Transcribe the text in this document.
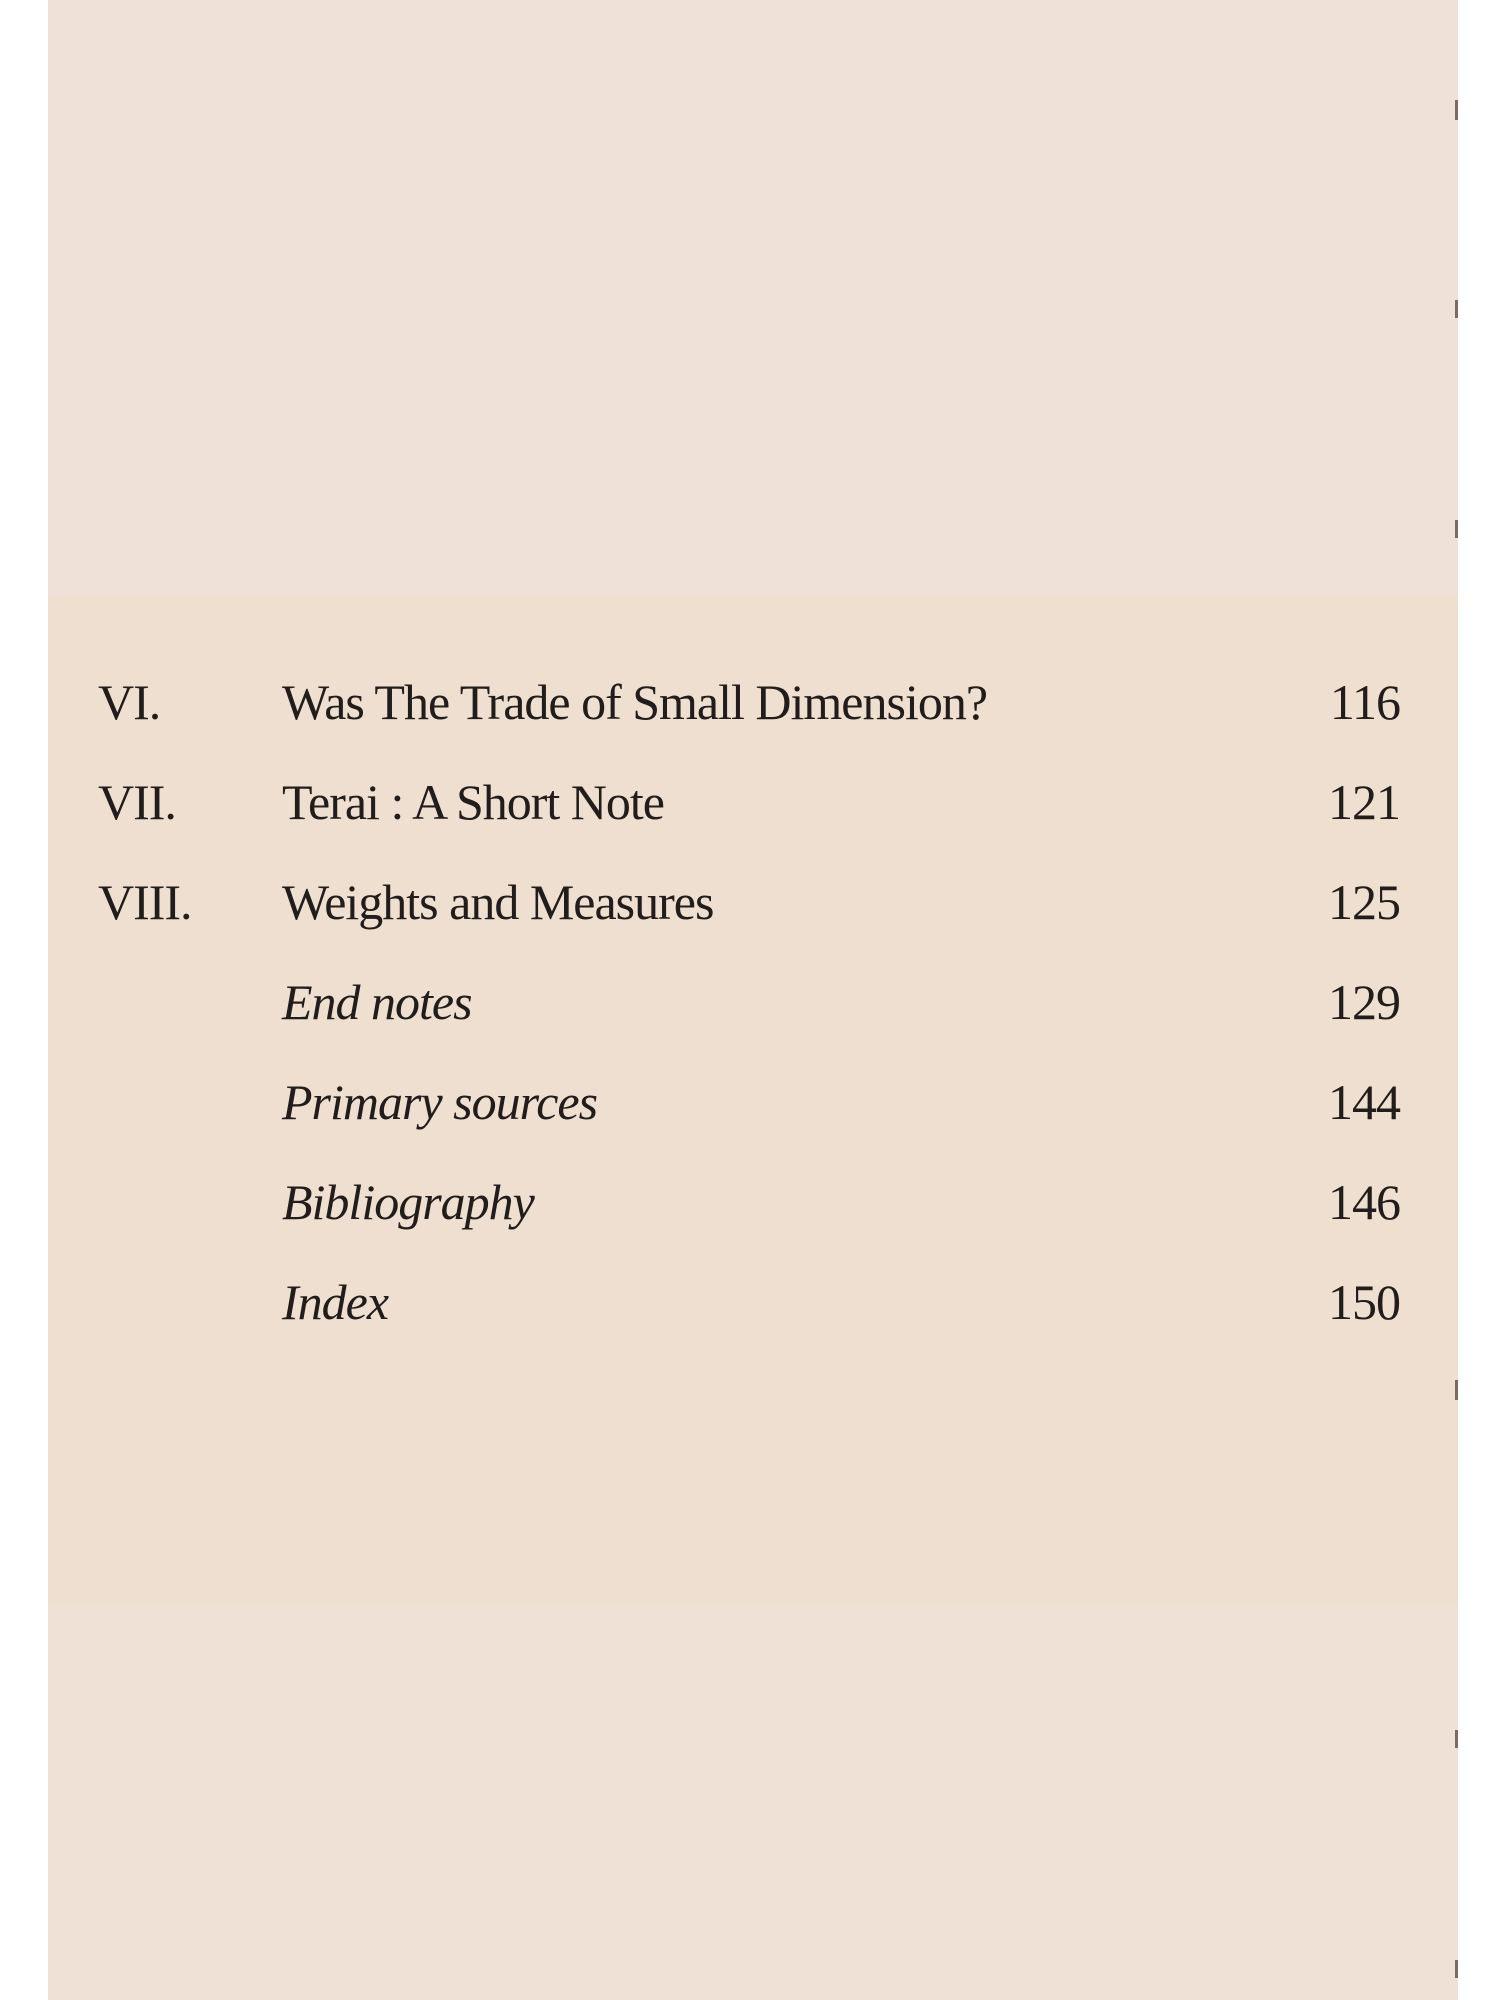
VI. Was The Trade of Small Dimension?	116
VII. Terai : A Short Note	121
VIII. Weights and Measures	125
End notes	129
Primary sources	144
Bibliography	146
Index	150
